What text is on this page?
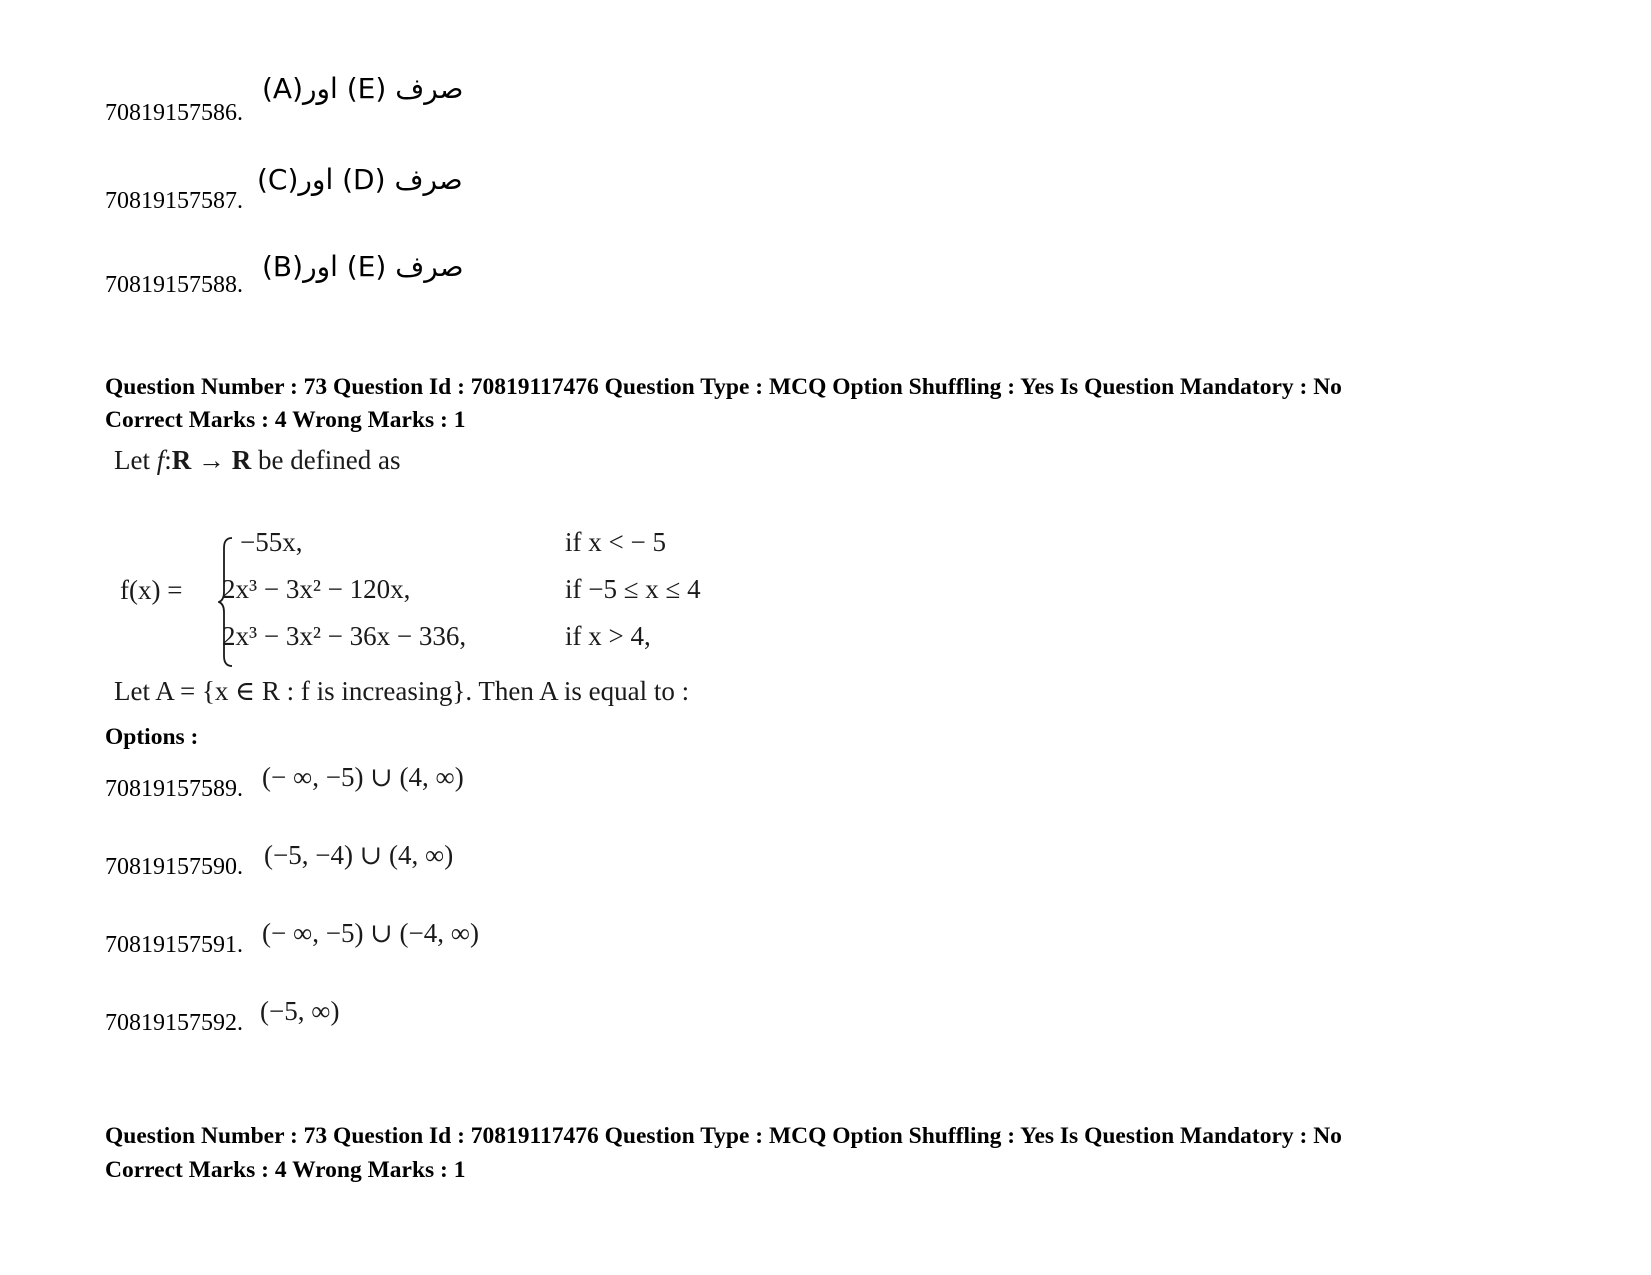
70819157586.
(A)اور (E) صرف
70819157587.
(C)اور (D) صرف
70819157588.
(B)اور (E) صرف
Question Number : 73 Question Id : 70819117476 Question Type : MCQ Option Shuffling : Yes Is Question Mandatory : No
Correct Marks : 4 Wrong Marks : 1
Let f:R → R be defined as
f(x) =
−55x,	if x < − 5
2x³ − 3x² − 120x,	if −5 ≤ x ≤ 4
2x³ − 3x² − 36x − 336,	if x > 4,
Let A = {x ∈ R : f is increasing}. Then A is equal to :
Options :
70819157589. (− ∞, −5) ∪ (4, ∞)
70819157590. (−5, −4) ∪ (4, ∞)
70819157591. (− ∞, −5) ∪ (−4, ∞)
70819157592. (−5, ∞)
Question Number : 73 Question Id : 70819117476 Question Type : MCQ Option Shuffling : Yes Is Question Mandatory : No
Correct Marks : 4 Wrong Marks : 1
